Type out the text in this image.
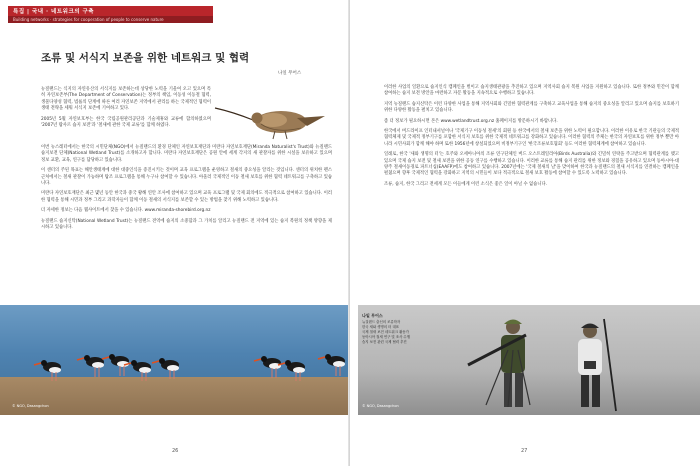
특집 | 국내 · 네트워크의 구축
Building networks · strategies for cooperation of people to conserve nature
조류 및 서식지 보존을 위한 네트워크 및 협력
나일 무어스

뉴질랜드는 식지의 자연유산의 서식지를 보존하는데 상당한 노력을 기울여 오고 있으며 특히 자연보존부(The Department of Conservation)는 정부의 책임, 이동성 이동철 협력, 생물다양성 협력, 법률의 단계에 따른 여러 자연보존 지역에서 관리를 하는 국제적인 협력이 생태 전략을 세워 서식지 보존에 기여하고 있다.

2005년 5월 자연보호부는 한국 국립공원관리공단과 기술제휴와 교류에 합의하였으며 '2007년 람사르 습지 보전'과 '철새에 관한 국제 교류'를 함께 하였다.

이번 뉴스레터에서는 한국의 시민단체(NGO)에서 뉴질랜드의 환경 단체인 자연보호재단과 미란다 자연보호재단(Miranda Naturalist's Trust)와 뉴질랜드 습지보전 단체(National Wetland Trust)를 소개하고자 합니다. 미란다 자연보호재단은 공원 안에 세계 각지의 새 관찰자를 위한 시설을 보유하고 있으며 정보 교환, 교육, 연구를 담당하고 있습니다.

이 센터의 주된 목표는 해안생태계에 대한 대중인식을 증진시키는 것이며 교육 프로그램을 운영하고 철새의 중요성을 알리는 것입니다. 센터의 위치한 펜스 근처에서는 철새 관찰이 가능하며 탐조 프로그램을 통해 누구나 참여할 수 있습니다. 아울러 국제적인 이동 철새 보호를 위한 협력 네트워크를 구축하고 있습니다.

미란다 자연보호재단은 최근 몇년 동안 한국과 중국 황해 연안 조사에 참여하고 있으며 교육 프로그램 및 국제 회의에도 적극적으로 참여하고 있습니다. 이러한 협력을 통해 시민과 정부 그리고 과학자들이 함께 이동 철새의 서식지를 보존할 수 있는 방법을 찾기 위해 노력하고 있습니다.

더 자세한 정보는 다음 웹사이트에서 찾을 수 있습니다. www.miranda-shorebird.org.nz

뉴질랜드 습지신탁(National Wetland Trust)는 뉴질랜드 전역에 습지의 소중함과 그 가치를 알리고 뉴질랜드 전 지역에 있는 습지 복원의 정책 방향을 제시하고 있습니다.

© NGO, Dasangchon
26

이러한 사업의 일환으로 습지인식 캠페인을 벌이고 습지생태관광을 추진하고 있으며 지역사회 습지 복원 사업을 지원하고 있습니다. 또한 정부와 민간이 함께 참여하는 습지 보전 방안을 마련하고 자문 활동을 지속적으로 수행하고 있습니다.

지역 뉴질랜드 습지신탁은 이런 다양한 사업을 통해 지역사회와 긴밀한 협력관계를 구축하고 교육사업을 통해 습지의 중요성을 알리고 있으며 습지를 보호하기 위한 다양한 활동을 펼치고 있습니다.

좀 더 정보가 필요하시면 본은 www.wetlandtrust.org.nz 홈페이지를 방문하시기 바랍니다.

한국에서 버드라이프 인터내셔널이나 '국제기구 이동성 철새'의 회원 등 한국에서의 철새 보존을 위한 노력이 필요합니다. 이러한 이유로 한국 기관들의 국제적 협력체제 및 국제적 정부기구를 포함한 서식지 보호를 위한 국제적 네트워크를 강화하고 있습니다. 이러한 협력의 주체는 한국의 자연보호를 위한 정부 뿐만 아니라 시민사회가 함께 해야 하며 또한 1956년에 창설되었으며 비정부기구인 '한국조류보호협회' 등도 이러한 협력체계에 참여하고 있습니다.

일례로, 한국 '새와 생명의 터'는 호주와 오세아니아의 조류 연구단체인 버드 오스트레일리아(Birds Australia)와 긴밀히 연락을 주고받으며 협력관계를 맺고 있으며 국제 습지 보전 및 철새 보전을 위한 공동 연구를 수행하고 있습니다. 이러한 교류를 통해 습지 관리를 위한 정보와 경험을 공유하고 있으며 동아시아-대양주 철새이동경로 파트너십(EAAFP)에도 참여하고 있습니다. 2007년에는 '국제 철새의 날'을 맞이하여 한국과 뉴질랜드의 철새 서식지를 연결하는 캠페인을 펼쳤으며 향후 국제적인 협력을 강화하고 지역의 시민들이 보다 적극적으로 철새 보호 활동에 참여할 수 있도록 노력하고 있습니다.

조류, 습지, 한국 그리고 전세계 모든 이들에게 이런 소식은 좋은 일이 아닐 수 없습니다.

나일 무어스
뉴질랜드 출신의 조류학자
한국 새와 생명의 터 대표
국제 철새 보전 네트워크 활동가
동아시아 철새 연구 및 조사 수행
습지 보전 관련 국제 협력 추진
© NGO, Dasangchon
27
